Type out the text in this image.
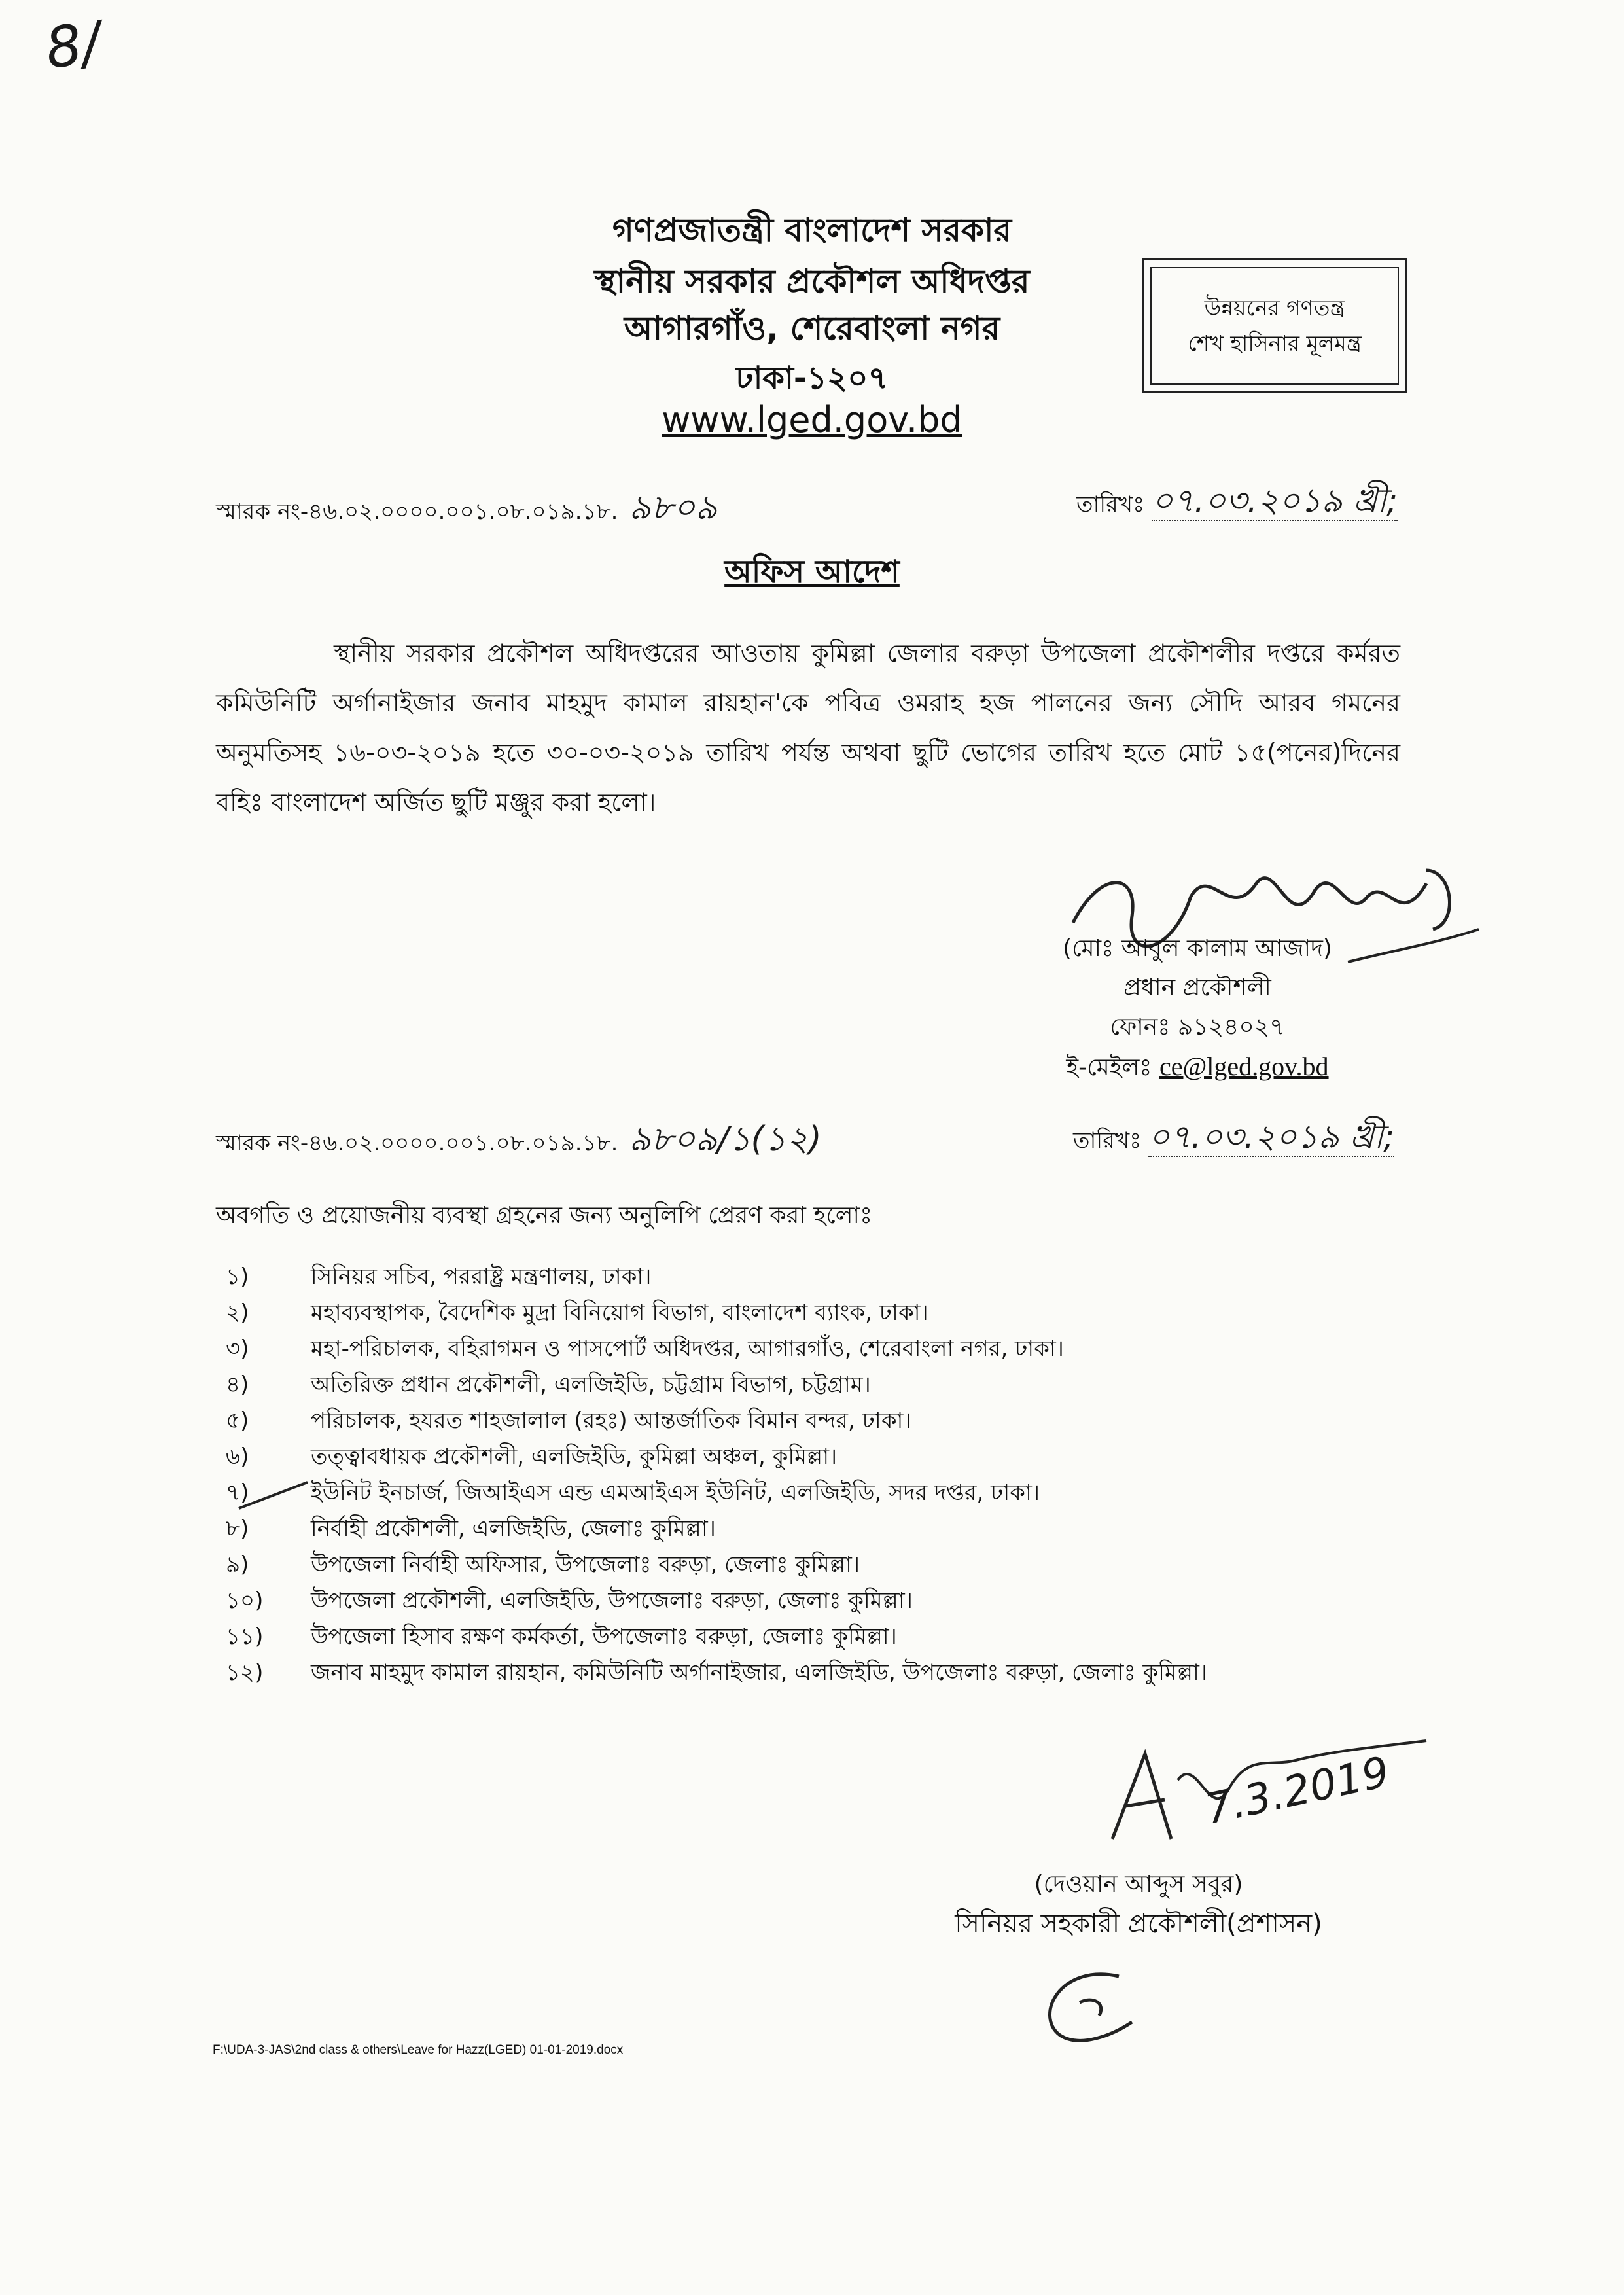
8/
গণপ্রজাতন্ত্রী বাংলাদেশ সরকার
স্থানীয় সরকার প্রকৌশল অধিদপ্তর
আগারগাঁও, শেরেবাংলা নগর
ঢাকা-১২০৭
www.lged.gov.bd
উন্নয়নের গণতন্ত্র
শেখ হাসিনার মূলমন্ত্র
স্মারক নং-৪৬.০২.০০০০.০০১.০৮.০১৯.১৮. ৯৮০৯	তারিখঃ ০৭.০৩.২০১৯ খ্রী;
অফিস আদেশ
স্থানীয় সরকার প্রকৌশল অধিদপ্তরের আওতায় কুমিল্লা জেলার বরুড়া উপজেলা প্রকৌশলীর দপ্তরে কর্মরত কমিউনিটি অর্গানাইজার জনাব মাহমুদ কামাল রায়হান'কে পবিত্র ওমরাহ হজ পালনের জন্য সৌদি আরব গমনের অনুমতিসহ ১৬-০৩-২০১৯ হতে ৩০-০৩-২০১৯ তারিখ পর্যন্ত অথবা ছুটি ভোগের তারিখ হতে মোট ১৫(পনের)দিনের বহিঃ বাংলাদেশ অর্জিত ছুটি মঞ্জুর করা হলো।
(মোঃ আবুল কালাম আজাদ)
প্রধান প্রকৌশলী
ফোনঃ ৯১২৪০২৭
ই-মেইলঃ ce@lged.gov.bd
স্মারক নং-৪৬.০২.০০০০.০০১.০৮.০১৯.১৮. ৯৮০৯/১(১২)	তারিখঃ ০৭.০৩.২০১৯ খ্রী;
অবগতি ও প্রয়োজনীয় ব্যবস্থা গ্রহনের জন্য অনুলিপি প্রেরণ করা হলোঃ
১)	সিনিয়র সচিব, পররাষ্ট্র মন্ত্রণালয়, ঢাকা।
২)	মহাব্যবস্থাপক, বৈদেশিক মুদ্রা বিনিয়োগ বিভাগ, বাংলাদেশ ব্যাংক, ঢাকা।
৩)	মহা-পরিচালক, বহিরাগমন ও পাসপোর্ট অধিদপ্তর, আগারগাঁও, শেরেবাংলা নগর, ঢাকা।
৪)	অতিরিক্ত প্রধান প্রকৌশলী, এলজিইডি, চট্টগ্রাম বিভাগ, চট্টগ্রাম।
৫)	পরিচালক, হযরত শাহজালাল (রহঃ) আন্তর্জাতিক বিমান বন্দর, ঢাকা।
৬)	তত্ত্বাবধায়ক প্রকৌশলী, এলজিইডি, কুমিল্লা অঞ্চল, কুমিল্লা।
৭)	ইউনিট ইনচার্জ, জিআইএস এন্ড এমআইএস ইউনিট, এলজিইডি, সদর দপ্তর, ঢাকা।
৮)	নির্বাহী প্রকৌশলী, এলজিইডি, জেলাঃ কুমিল্লা।
৯)	উপজেলা নির্বাহী অফিসার, উপজেলাঃ বরুড়া, জেলাঃ কুমিল্লা।
১০)	উপজেলা প্রকৌশলী, এলজিইডি, উপজেলাঃ বরুড়া, জেলাঃ কুমিল্লা।
১১)	উপজেলা হিসাব রক্ষণ কর্মকর্তা, উপজেলাঃ বরুড়া, জেলাঃ কুমিল্লা।
১২)	জনাব মাহমুদ কামাল রায়হান, কমিউনিটি অর্গানাইজার, এলজিইডি, উপজেলাঃ বরুড়া, জেলাঃ কুমিল্লা।
7.3.2019
(দেওয়ান আব্দুস সবুর)
সিনিয়র সহকারী প্রকৌশলী(প্রশাসন)
F:\UDA-3-JAS\2nd class & others\Leave for Hazz(LGED) 01-01-2019.docx
